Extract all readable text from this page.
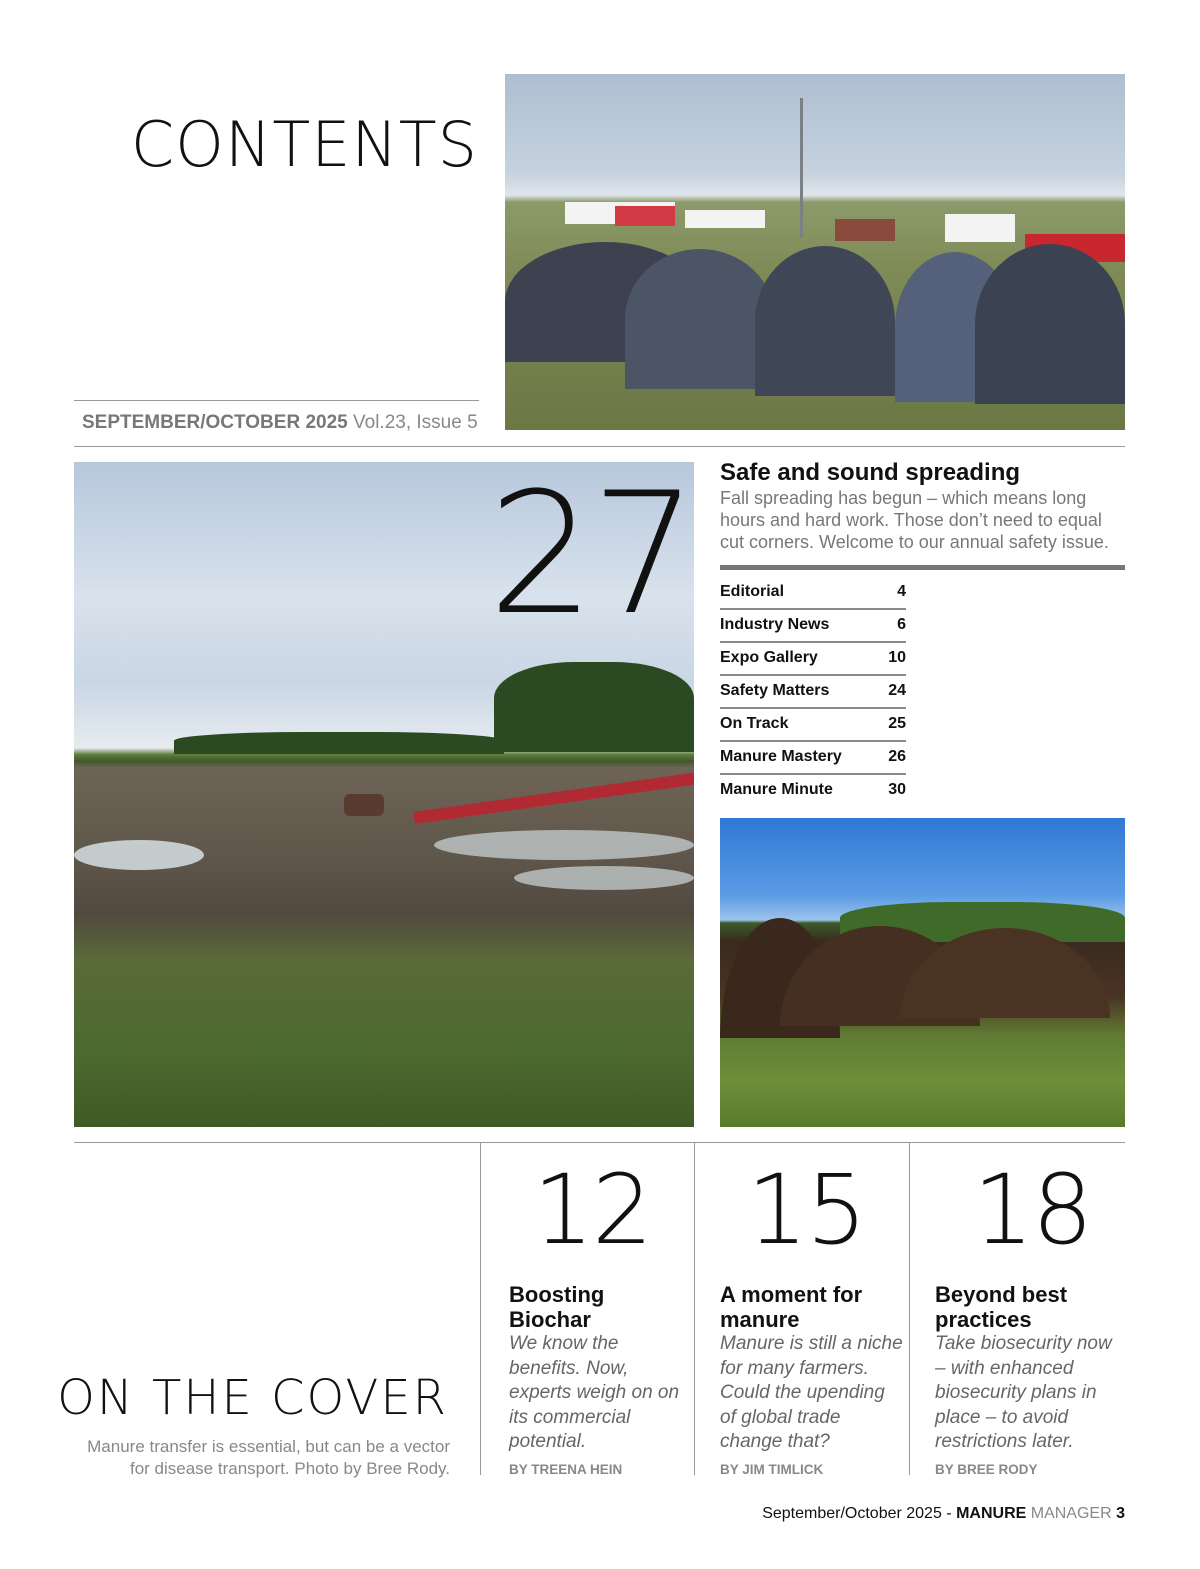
CONTENTS
SEPTEMBER/OCTOBER 2025 Vol.23, Issue 5
27 Safe and sound spreading
Fall spreading has begun – which means long hours and hard work. Those don’t need to equal cut corners. Welcome to our annual safety issue.
Editorial	4
Industry News	6
Expo Gallery	10
Safety Matters	24
On Track	25
Manure Mastery	26
Manure Minute	30
12
Boosting Biochar
We know the benefits. Now, experts weigh on on its commercial potential.
BY TREENA HEIN
15
A moment for manure
Manure is still a niche for many farmers. Could the upending of global trade change that?
BY JIM TIMLICK
18
Beyond best practices
Take biosecurity now – with enhanced biosecurity plans in place – to avoid restrictions later.
BY BREE RODY
ON THE COVER
Manure transfer is essential, but can be a vector for disease transport. Photo by Bree Rody.
September/October 2025 - MANURE MANAGER 3
